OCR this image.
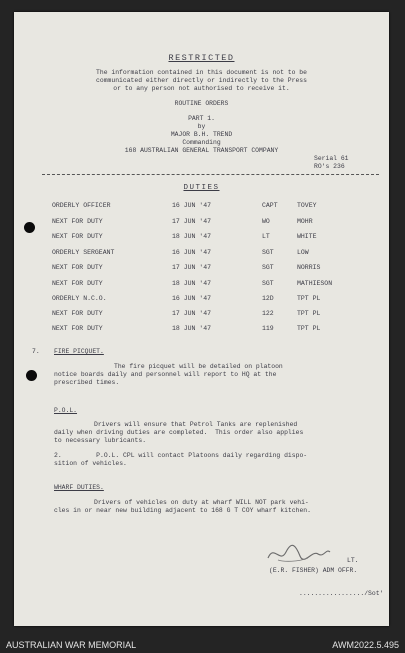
RESTRICTED
The information contained in this document is not to be
communicated either directly or indirectly to the Press
or to any person not authorised to receive it.
ROUTINE ORDERS
PART 1.
by
MAJOR B.H. TREND
Commanding
168 AUSTRALIAN GENERAL TRANSPORT COMPANY
Serial 61
RO's 236
DUTIES
ORDERLY OFFICER	16 JUN '47	CAPT	TOVEY
NEXT FOR DUTY	17 JUN '47	WO	MOHR
NEXT FOR DUTY	18 JUN '47	LT	WHITE
ORDERLY SERGEANT	16 JUN '47	SGT	LOW
NEXT FOR DUTY	17 JUN '47	SGT	NORRIS
NEXT FOR DUTY	18 JUN '47	SGT	MATHIESON
ORDERLY N.C.O.	16 JUN '47	12D	TPT PL
NEXT FOR DUTY	17 JUN '47	122	TPT PL
NEXT FOR DUTY	18 JUN '47	119	TPT PL
7. FIRE PICQUET.
The fire picquet will be detailed on platoon
notice boards daily and personnel will report to HQ at the
prescribed times.
P.O.L.
Drivers will ensure that Petrol Tanks are replenished
daily when driving duties are completed.  This order also applies
to necessary lubricants.
2.         P.O.L. CPL will contact Platoons daily regarding dispo-
sition of vehicles.
WHARF DUTIES.
Drivers of vehicles on duty at wharf WILL NOT park vehi-
cles in or near new building adjacent to 168 G T COY wharf kitchen.
LT.
(E.R. FISHER) ADM OFFR.
................./Sot'
AUSTRALIAN WAR MEMORIAL	AWM2022.5.495
